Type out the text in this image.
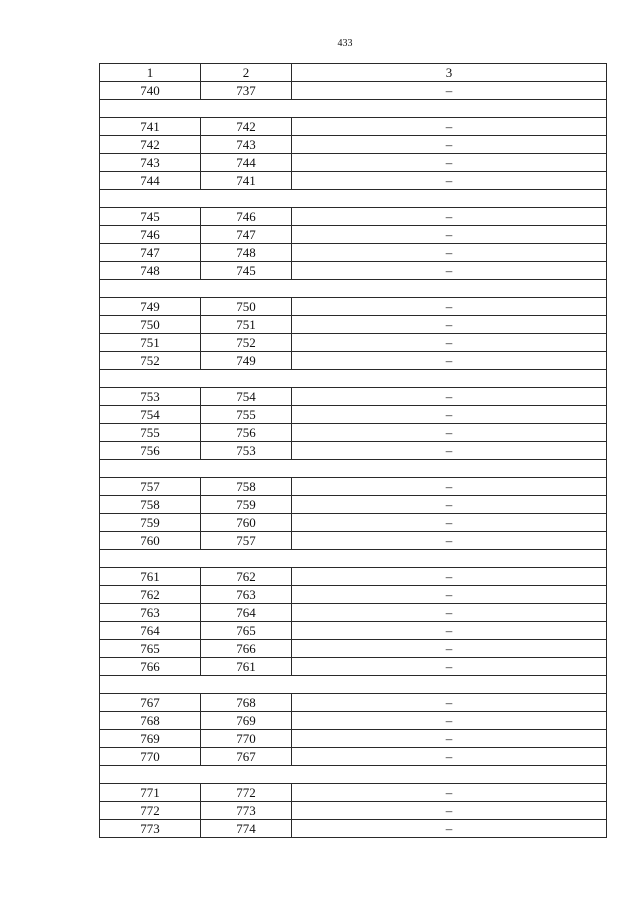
433
1	2	3
740	737	–

741	742	–
742	743	–
743	744	–
744	741	–

745	746	–
746	747	–
747	748	–
748	745	–

749	750	–
750	751	–
751	752	–
752	749	–

753	754	–
754	755	–
755	756	–
756	753	–

757	758	–
758	759	–
759	760	–
760	757	–

761	762	–
762	763	–
763	764	–
764	765	–
765	766	–
766	761	–

767	768	–
768	769	–
769	770	–
770	767	–

771	772	–
772	773	–
773	774	–
